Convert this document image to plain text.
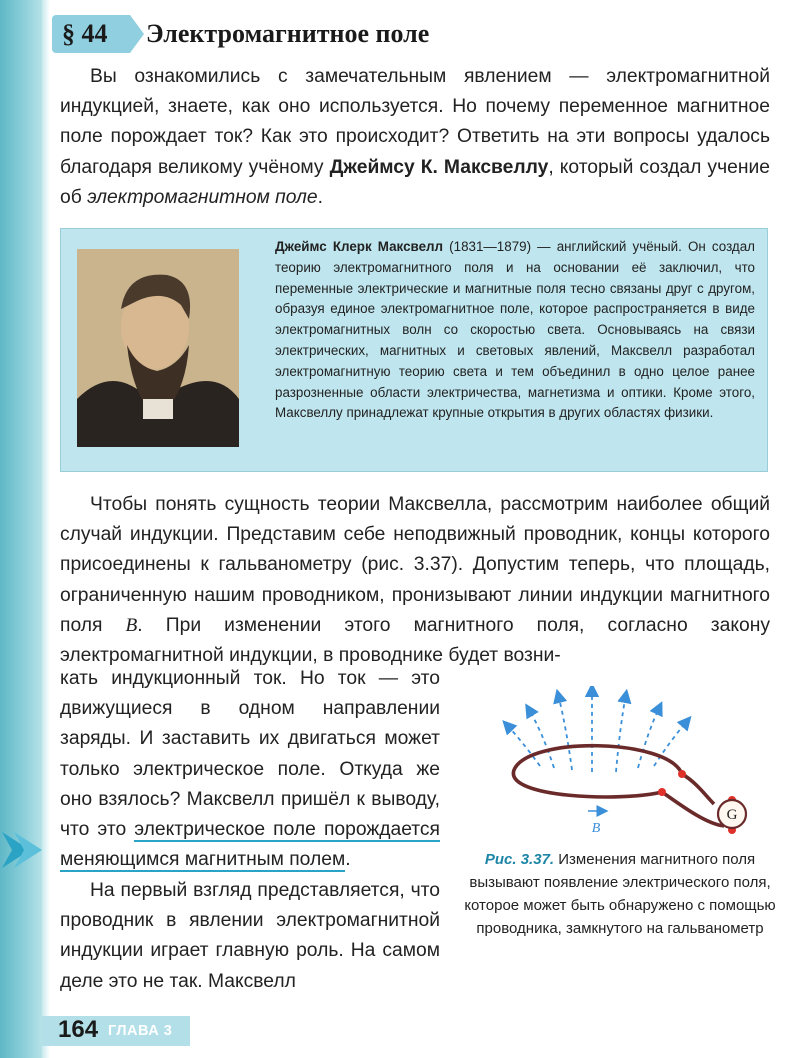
§ 44	Электромагнитное поле

Вы ознакомились с замечательным явлением — электромагнитной индукцией, знаете, как оно используется. Но почему переменное магнитное поле порождает ток? Как это происходит? Ответить на эти вопросы удалось благодаря великому учёному Джеймсу К. Максвеллу, который создал учение об электромагнитном поле.

Джеймс Клерк Максвелл (1831—1879) — английский учёный. Он создал теорию электромагнитного поля и на основании её заключил, что переменные электрические и магнитные поля тесно связаны друг с другом, образуя единое электромагнитное поле, которое распространяется в виде электромагнитных волн со скоростью света. Основываясь на связи электрических, магнитных и световых явлений, Максвелл разработал электромагнитную теорию света и тем объединил в одно целое ранее разрозненные области электричества, магнетизма и оптики. Кроме этого, Максвеллу принадлежат крупные открытия в других областях физики.

Чтобы понять сущность теории Максвелла, рассмотрим наиболее общий случай индукции. Представим себе неподвижный проводник, концы которого присоединены к гальванометру (рис. 3.37). Допустим теперь, что площадь, ограниченную нашим проводником, пронизывают линии индукции магнитного поля B. При изменении этого магнитного поля, согласно закону электромагнитной индукции, в проводнике будет возни-

кать индукционный ток. Но ток — это движущиеся в одном направлении заряды. И заставить их двигаться может только электрическое поле. Откуда же оно взялось? Максвелл пришёл к выводу, что это электрическое поле порождается меняющимся магнитным полем.

На первый взгляд представляется, что проводник в явлении электромагнитной индукции играет главную роль. На самом деле это не так. Максвелл

G
B

Рис. 3.37. Изменения магнитного поля вызывают появление электрического поля, которое может быть обнаружено с помощью проводника, замкнутого на гальванометр

164 ГЛАВА 3
